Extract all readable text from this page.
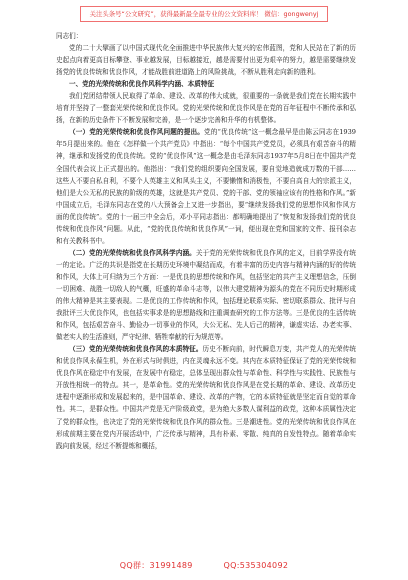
关注头条号“公文研究”，获得最新最全最专业的公文资料库！ 微信：gongwenyj

同志们：

党的二十大擘画了以中国式现代化全面推进中华民族伟大复兴的宏伟蓝图，党和人民站在了新的历史起点向着更高目标攀登、事业越发展，目标越接近，越是需要付出更为艰辛的努力，越是需要继续发扬党的优良传统和优良作风，才能战胜前进道路上的风险挑战，不断从胜利走向新的胜利。

一、党的光荣传统和优良作风科学内涵、本质特征

我们党团结带领人民取得了革命、建设、改革的伟大成就，很重要的一条就是我们党在长期实践中培育并坚持了一整套光荣传统和优良作风。党的光荣传统和优良作风是在党的百年征程中不断传承和弘扬，在新的历史条件下不断发展和完善，是一个逐步完善和升华的有机整体。

（一）党的光荣传统和优良作风问题的提出。党的“优良传统”这一概念最早是由陈云同志在1939年5月提出来的。他在《怎样做一个共产党员》中指出：“每个中国共产党党员，必须具有艰苦奋斗的精神，继承和发扬党的优良传统。党的“优良作风”这一概念是由毛泽东同志1937年5月8日在中国共产党全国代表会议上正式提出的。他指出：“我们党的组织要向全国发展，要自觉地造就成万数的干部……这些人不要自私自利，不要个人英雄主义和风头主义，不要懒惰和消极性，不要自高自大的宗派主义，他们是大公无私的民族的阶级的英雄，这就是共产党员、党的干部、党的领袖应该有的性格和作风。”新中国成立后，毛泽东同志在党的八大预备会上又进一步指出，要“继续发扬我们党的思想作风和作风方面的优良传统”。党的十一届三中全会后，邓小平同志指出：都明确地提出了“恢复和发扬我们党的优良传统和优良作风”问题。从此，“党的优良传统和优良作风”一词，便出现在党和国家的文件、报刊杂志和有关教科书中。

（二）党的光荣传统和优良作风科学内涵。关于党的光荣传统和优良作风的定义，目前学界没有统一的定论。广泛的共识是指党在长期历史环境中凝结而成，有着丰富的历史内容与精神内涵的好的传统和作风，大体上可归纳为三个方面：一是优良的思想传统和作风，包括坚定的共产主义理想信念，压倒一切困难、战胜一切敌人的气概，旺盛的革命斗志等，以伟大建党精神为源头的党在不同历史时期形成的伟大精神是其主要表现。二是优良的工作传统和作风，包括理论联系实际、密切联系群众、批评与自我批评三大优良作风，也包括实事求是的思想路线和注重调查研究的工作方法等。三是优良的生活传统和作风，包括艰苦奋斗、勤俭办一切事业的作风，大公无私、先人后己的精神，谦虚实话、办老实事、做老实人的生活准则，严守纪律、牺牲奉献的行为规范等。

（三）党的光荣传统和优良作风的本质特征。历史不断向前，时代瞬息万变，共产党人的光荣传统和优良作风永葆生机，外在形式与时俱进，内在灵魂永远不变。其内在本质特征保证了党的光荣传统和优良作风在稳定中有发展，在发展中有稳定，总体呈现出群众性与革命性、科学性与实践性、民族性与开放性相统一的特点。其一，是革命性。党的光荣传统和优良作风是在党长期的革命、建设、改革历史进程中逐渐形成和发展起来的，是中国革命、建设、改革的产物，它的本质特征就是坚定而自觉的革命性。其二，是群众性。中国共产党是无产阶级政党，是为绝大多数人谋利益的政党，这种本质属性决定了党的群众性，也决定了党的光荣传统和优良作风的群众性。三是潮进性。党的光荣传统和优良作风在形成前期主要在党内开展活动中，广泛传承与精神，具有朴素、零散、纯真的自发性特点。随着革命实践向前发展，经过不断提炼和概括，

QQ群：31991489	QQ:535304092
